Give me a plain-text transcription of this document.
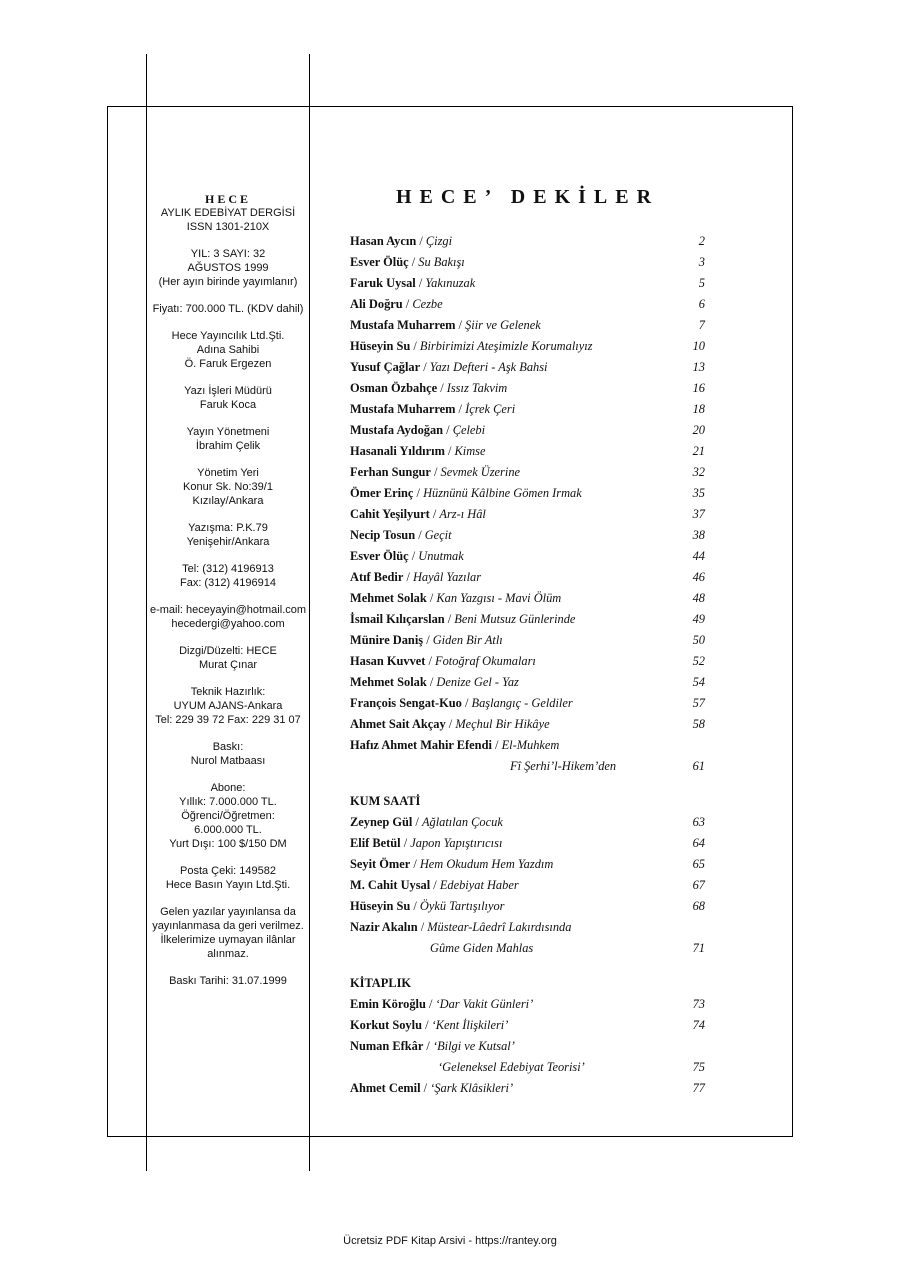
HECE
AYLIK EDEBİYAT DERGİSİ
ISSN 1301-210X
YIL: 3 SAYI: 32
AĞUSTOS 1999
(Her ayın birinde yayımlanır)
Fiyatı: 700.000 TL. (KDV dahil)
Hece Yayıncılık Ltd.Şti.
Adına Sahibi
Ö. Faruk Ergezen
Yazı İşleri Müdürü
Faruk Koca
Yayın Yönetmeni
İbrahim Çelik
Yönetim Yeri
Konur Sk. No:39/1
Kızılay/Ankara
Yazışma: P.K.79
Yenişehir/Ankara
Tel: (312) 4196913
Fax: (312) 4196914
e-mail: heceyayin@hotmail.com
hecedergi@yahoo.com
Dizgi/Düzelti: HECE
Murat Çınar
Teknik Hazırlık:
UYUM AJANS-Ankara
Tel: 229 39 72 Fax: 229 31 07
Baskı:
Nurol Matbaası
Abone:
Yıllık: 7.000.000 TL.
Öğrenci/Öğretmen:
6.000.000 TL.
Yurt Dışı: 100 $/150 DM
Posta Çeki: 149582
Hece Basın Yayın Ltd.Şti.
Gelen yazılar yayınlansa da
yayınlanmasa da geri verilmez.
İlkelerimize uymayan ilânlar
alınmaz.
Baskı Tarihi: 31.07.1999
HECE’ DEKİLER
Hasan Aycın / Çizgi	2
Esver Ölüç / Su Bakışı	3
Faruk Uysal / Yakınuzak	5
Ali Doğru / Cezbe	6
Mustafa Muharrem / Şiir ve Gelenek	7
Hüseyin Su / Birbirimizi Ateşimizle Korumalıyız	10
Yusuf Çağlar / Yazı Defteri - Aşk Bahsi	13
Osman Özbahçe / Issız Takvim	16
Mustafa Muharrem / İçrek Çeri	18
Mustafa Aydoğan / Çelebi	20
Hasanali Yıldırım / Kimse	21
Ferhan Sungur / Sevmek Üzerine	32
Ömer Erinç / Hüznünü Kâlbine Gömen Irmak	35
Cahit Yeşilyurt / Arz-ı Hâl	37
Necip Tosun / Geçit	38
Esver Ölüç / Unutmak	44
Atıf Bedir / Hayâl Yazılar	46
Mehmet Solak / Kan Yazgısı - Mavi Ölüm	48
İsmail Kılıçarslan / Beni Mutsuz Günlerinde	49
Münire Daniş / Giden Bir Atlı	50
Hasan Kuvvet / Fotoğraf Okumaları	52
Mehmet Solak / Denize Gel - Yaz	54
François Sengat-Kuo / Başlangıç - Geldiler	57
Ahmet Sait Akçay / Meçhul Bir Hikâye	58
Hafız Ahmet Mahir Efendi / El-Muhkem
Fî Şerhi’l-Hikem’den	61
KUM SAATİ
Zeynep Gül / Ağlatılan Çocuk	63
Elif Betül / Japon Yapıştırıcısı	64
Seyit Ömer / Hem Okudum Hem Yazdım	65
M. Cahit Uysal / Edebiyat Haber	67
Hüseyin Su / Öykü Tartışılıyor	68
Nazir Akalın / Müstear-Lâedrî Lakırdısında
Gûme Giden Mahlas	71
KİTAPLIK
Emin Köroğlu / ‘Dar Vakit Günleri’	73
Korkut Soylu / ‘Kent İlişkileri’	74
Numan Efkâr / ‘Bilgi ve Kutsal’
‘Geleneksel Edebiyat Teorisi’	75
Ahmet Cemil / ‘Şark Klâsikleri’	77
Ücretsiz PDF Kitap Arsivi - https://rantey.org
